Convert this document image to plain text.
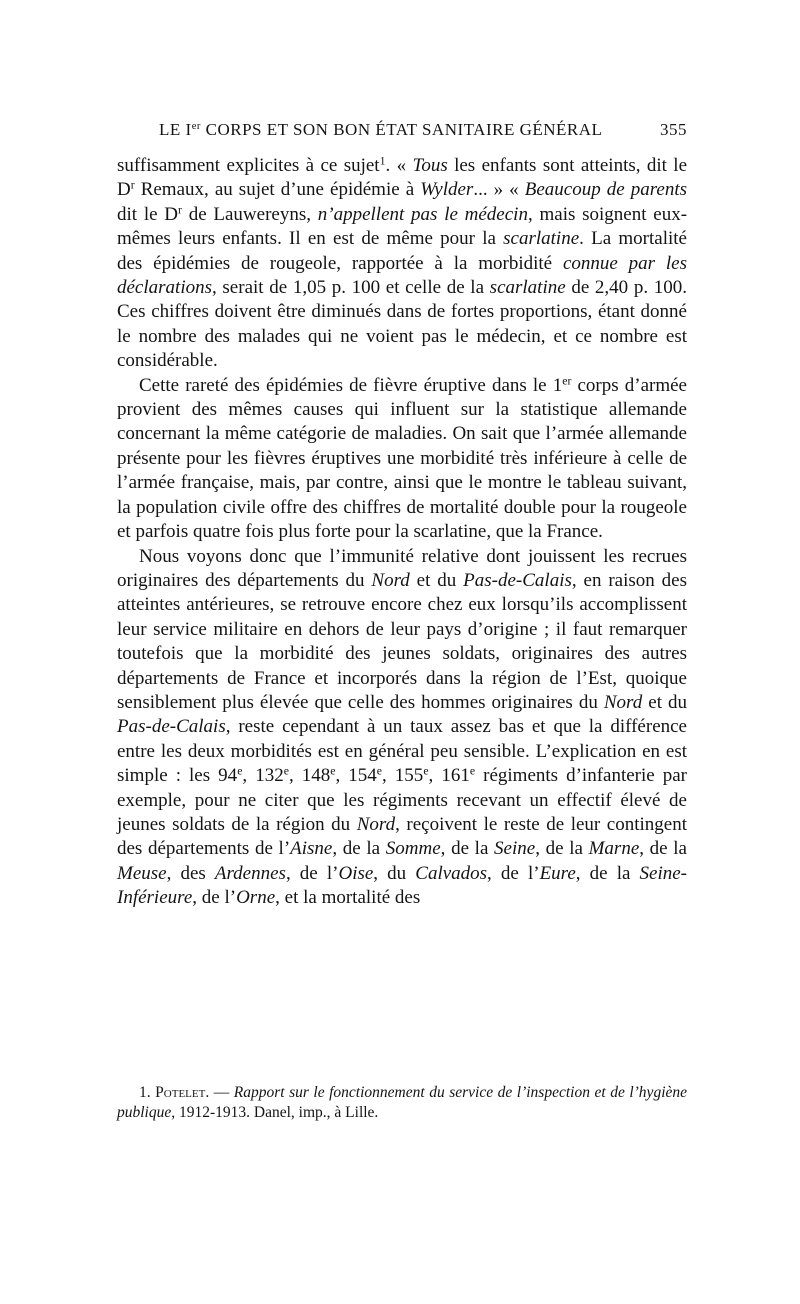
LE Ier CORPS ET SON BON ÉTAT SANITAIRE GÉNÉRAL	355

suffisamment explicites à ce sujet$^1$. « Tous les enfants sont atteints, dit le $D^r$ Remaux, au sujet d’une épidémie à Wylder... » « Beaucoup de parents dit le $D^r$ de Lauwereyns, n’appellent pas le médecin, mais soignent eux-mêmes leurs enfants. Il en est de même pour la scarlatine. La mortalité des épidémies de rougeole, rapportée à la morbidité connue par les déclarations, serait de 1,05 p. 100 et celle de la scarlatine de 2,40 p. 100. Ces chiffres doivent être diminués dans de fortes proportions, étant donné le nombre des malades qui ne voient pas le médecin, et ce nombre est considérable.

Cette rareté des épidémies de fièvre éruptive dans le 1er corps d’armée provient des mêmes causes qui influent sur la statistique allemande concernant la même catégorie de maladies. On sait que l’armée allemande présente pour les fièvres éruptives une morbidité très inférieure à celle de l’armée française, mais, par contre, ainsi que le montre le tableau suivant, la population civile offre des chiffres de mortalité double pour la rougeole et parfois quatre fois plus forte pour la scarlatine, que la France.

Nous voyons donc que l’immunité relative dont jouissent les recrues originaires des départements du Nord et du Pas-de-Calais, en raison des atteintes antérieures, se retrouve encore chez eux lorsqu’ils accomplissent leur service militaire en dehors de leur pays d’origine ; il faut remarquer toutefois que la morbidité des jeunes soldats, originaires des autres départements de France et incorporés dans la région de l’Est, quoique sensiblement plus élevée que celle des hommes originaires du Nord et du Pas-de-Calais, reste cependant à un taux assez bas et que la différence entre les deux morbidités est en général peu sensible. L’explication en est simple : les 94e, 132e, 148e, 154e, 155e, 161e régiments d’infanterie par exemple, pour ne citer que les régiments recevant un effectif élevé de jeunes soldats de la région du Nord, reçoivent le reste de leur contingent des départements de l’Aisne, de la Somme, de la Seine, de la Marne, de la Meuse, des Ardennes, de l’Oise, du Calvados, de l’Eure, de la Seine-Inférieure, de l’Orne, et la mortalité des

1. Potelet. — Rapport sur le fonctionnement du service de l’inspection et de l’hygiène publique, 1912-1913. Danel, imp., à Lille.
